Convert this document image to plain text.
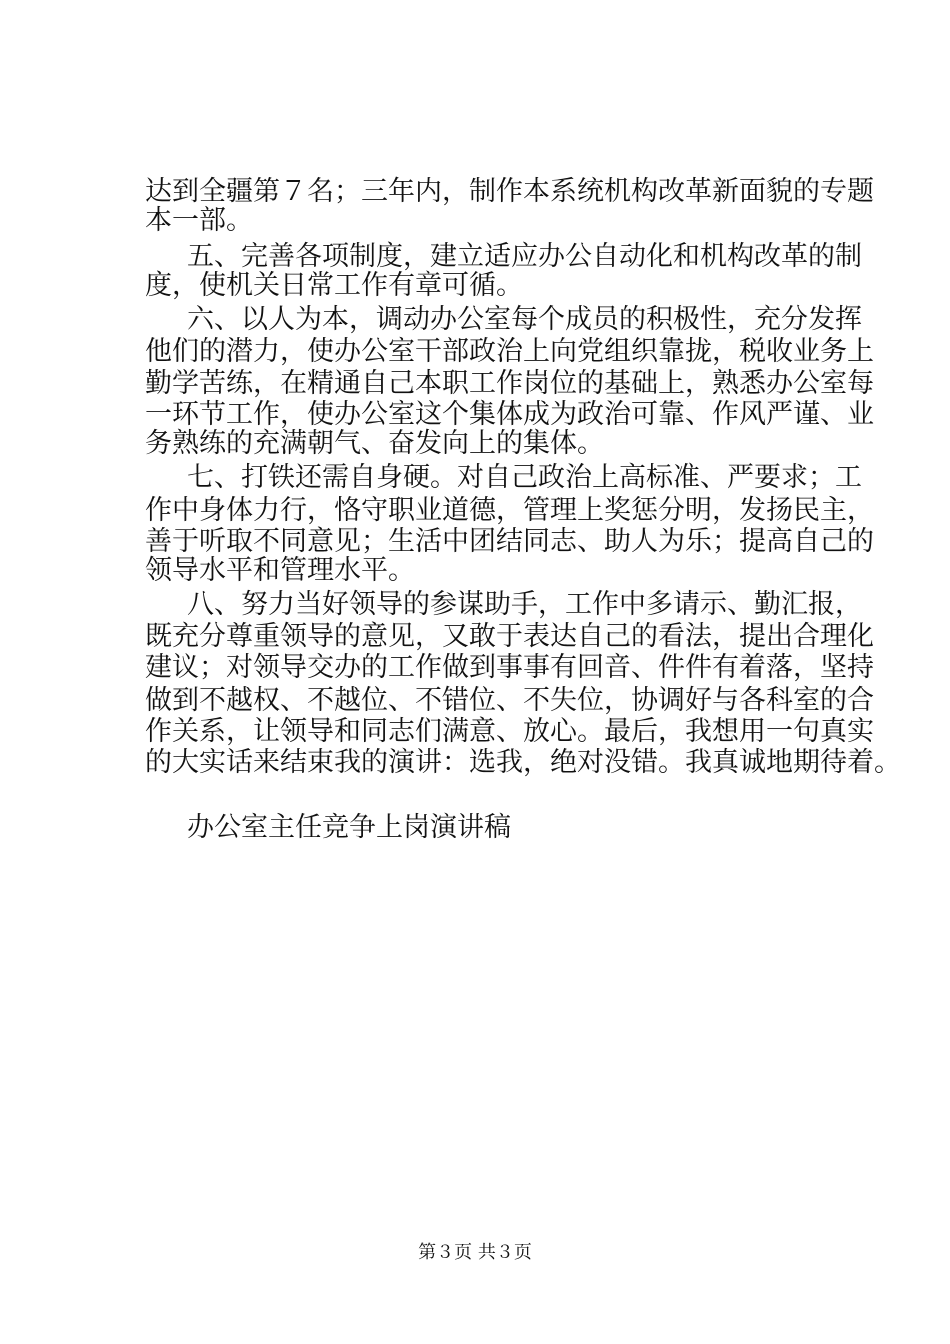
达到全疆第７名；三年内，制作本系统机构改革新面貌的专题
本一部。
五、完善各项制度，建立适应办公自动化和机构改革的制
度，使机关日常工作有章可循。
六、以人为本，调动办公室每个成员的积极性，充分发挥
他们的潜力，使办公室干部政治上向党组织靠拢，税收业务上
勤学苦练，在精通自己本职工作岗位的基础上，熟悉办公室每
一环节工作，使办公室这个集体成为政治可靠、作风严谨、业
务熟练的充满朝气、奋发向上的集体。
七、打铁还需自身硬。对自己政治上高标准、严要求；工
作中身体力行，恪守职业道德，管理上奖惩分明，发扬民主，
善于听取不同意见；生活中团结同志、助人为乐；提高自己的
领导水平和管理水平。
八、努力当好领导的参谋助手，工作中多请示、勤汇报，
既充分尊重领导的意见，又敢于表达自己的看法，提出合理化
建议；对领导交办的工作做到事事有回音、件件有着落，坚持
做到不越权、不越位、不错位、不失位，协调好与各科室的合
作关系，让领导和同志们满意、放心。最后，我想用一句真实
的大实话来结束我的演讲：选我，绝对没错。我真诚地期待着。
办公室主任竞争上岗演讲稿
第３页 共３页
